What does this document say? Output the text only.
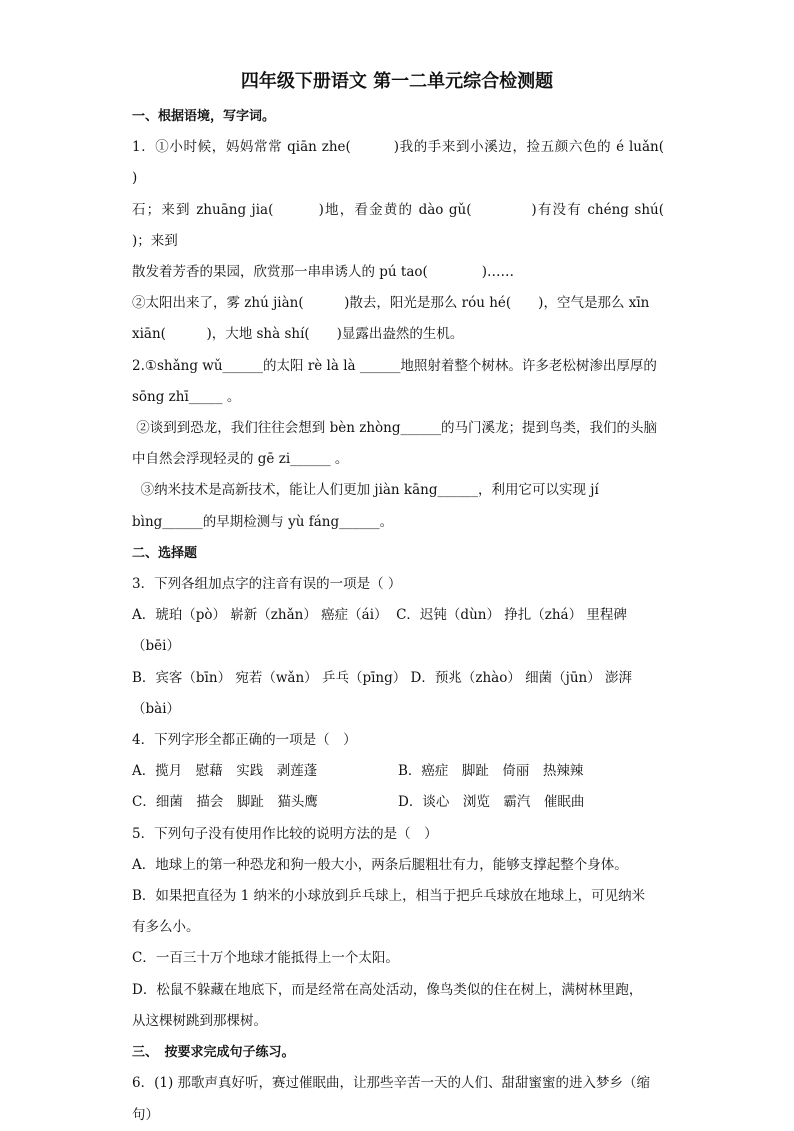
四年级下册语文 第一二单元综合检测题

一、根据语境，写字词。

1．①小时候，妈妈常常 qiān zhe(　　　)我的手来到小溪边，捡五颜六色的 é luǎn(　　　)

石；来到 zhuāng jia(　　　)地，看金黄的 dào gǔ(　　　　)有没有 chéng shú(　　　　)；来到

散发着芳香的果园，欣赏那一串串诱人的 pú tao(　　　　)……

②太阳出来了，雾 zhú jiàn(　　　)散去，阳光是那么 róu hé(　　)，空气是那么 xīn

xiān(　　　)，大地 shà shí(　　)显露出盎然的生机。

2.①shǎng wǔ______的太阳 rè là là ______地照射着整个树林。许多老松树渗出厚厚的

sōng zhī_____ 。

②谈到到恐龙，我们往往会想到 bèn zhòng______的马门溪龙；提到鸟类，我们的头脑

中自然会浮现轻灵的 gē zi______ 。

③纳米技术是高新技术，能让人们更加 jiàn kāng______，利用它可以实现 jí

bìng______的早期检测与 yù fáng______。

二、选择题

3．下列各组加点字的注音有误的一项是（ ）

A．琥珀（pò） 崭新（zhǎn） 癌症（ái）  C．迟钝（dùn） 挣扎（zhá） 里程碑

（bēi）

B．宾客（bīn） 宛若（wǎn） 乒乓（pīng） D．预兆（zhào） 细菌（jūn） 澎湃

（bài）

4．下列字形全都正确的一项是（　）

A．揽月　慰藉　实践　剥莲蓬	B．癌症　脚趾　倚丽　热辣辣
C．细菌　描会　脚趾　猫头鹰	D．谈心　浏览　霸汽　催眠曲

5．下列句子没有使用作比较的说明方法的是（　）

A．地球上的第一种恐龙和狗一般大小，两条后腿粗壮有力，能够支撑起整个身体。

B．如果把直径为 1 纳米的小球放到乒乓球上，相当于把乒乓球放在地球上，可见纳米

有多么小。

C．一百三十万个地球才能抵得上一个太阳。

D．松鼠不躲藏在地底下，而是经常在高处活动，像鸟类似的住在树上，满树林里跑，

从这棵树跳到那棵树。

三、　按要求完成句子练习。

6．(1) 那歌声真好听，赛过催眠曲，让那些辛苦一天的人们、甜甜蜜蜜的进入梦乡（缩

句）
